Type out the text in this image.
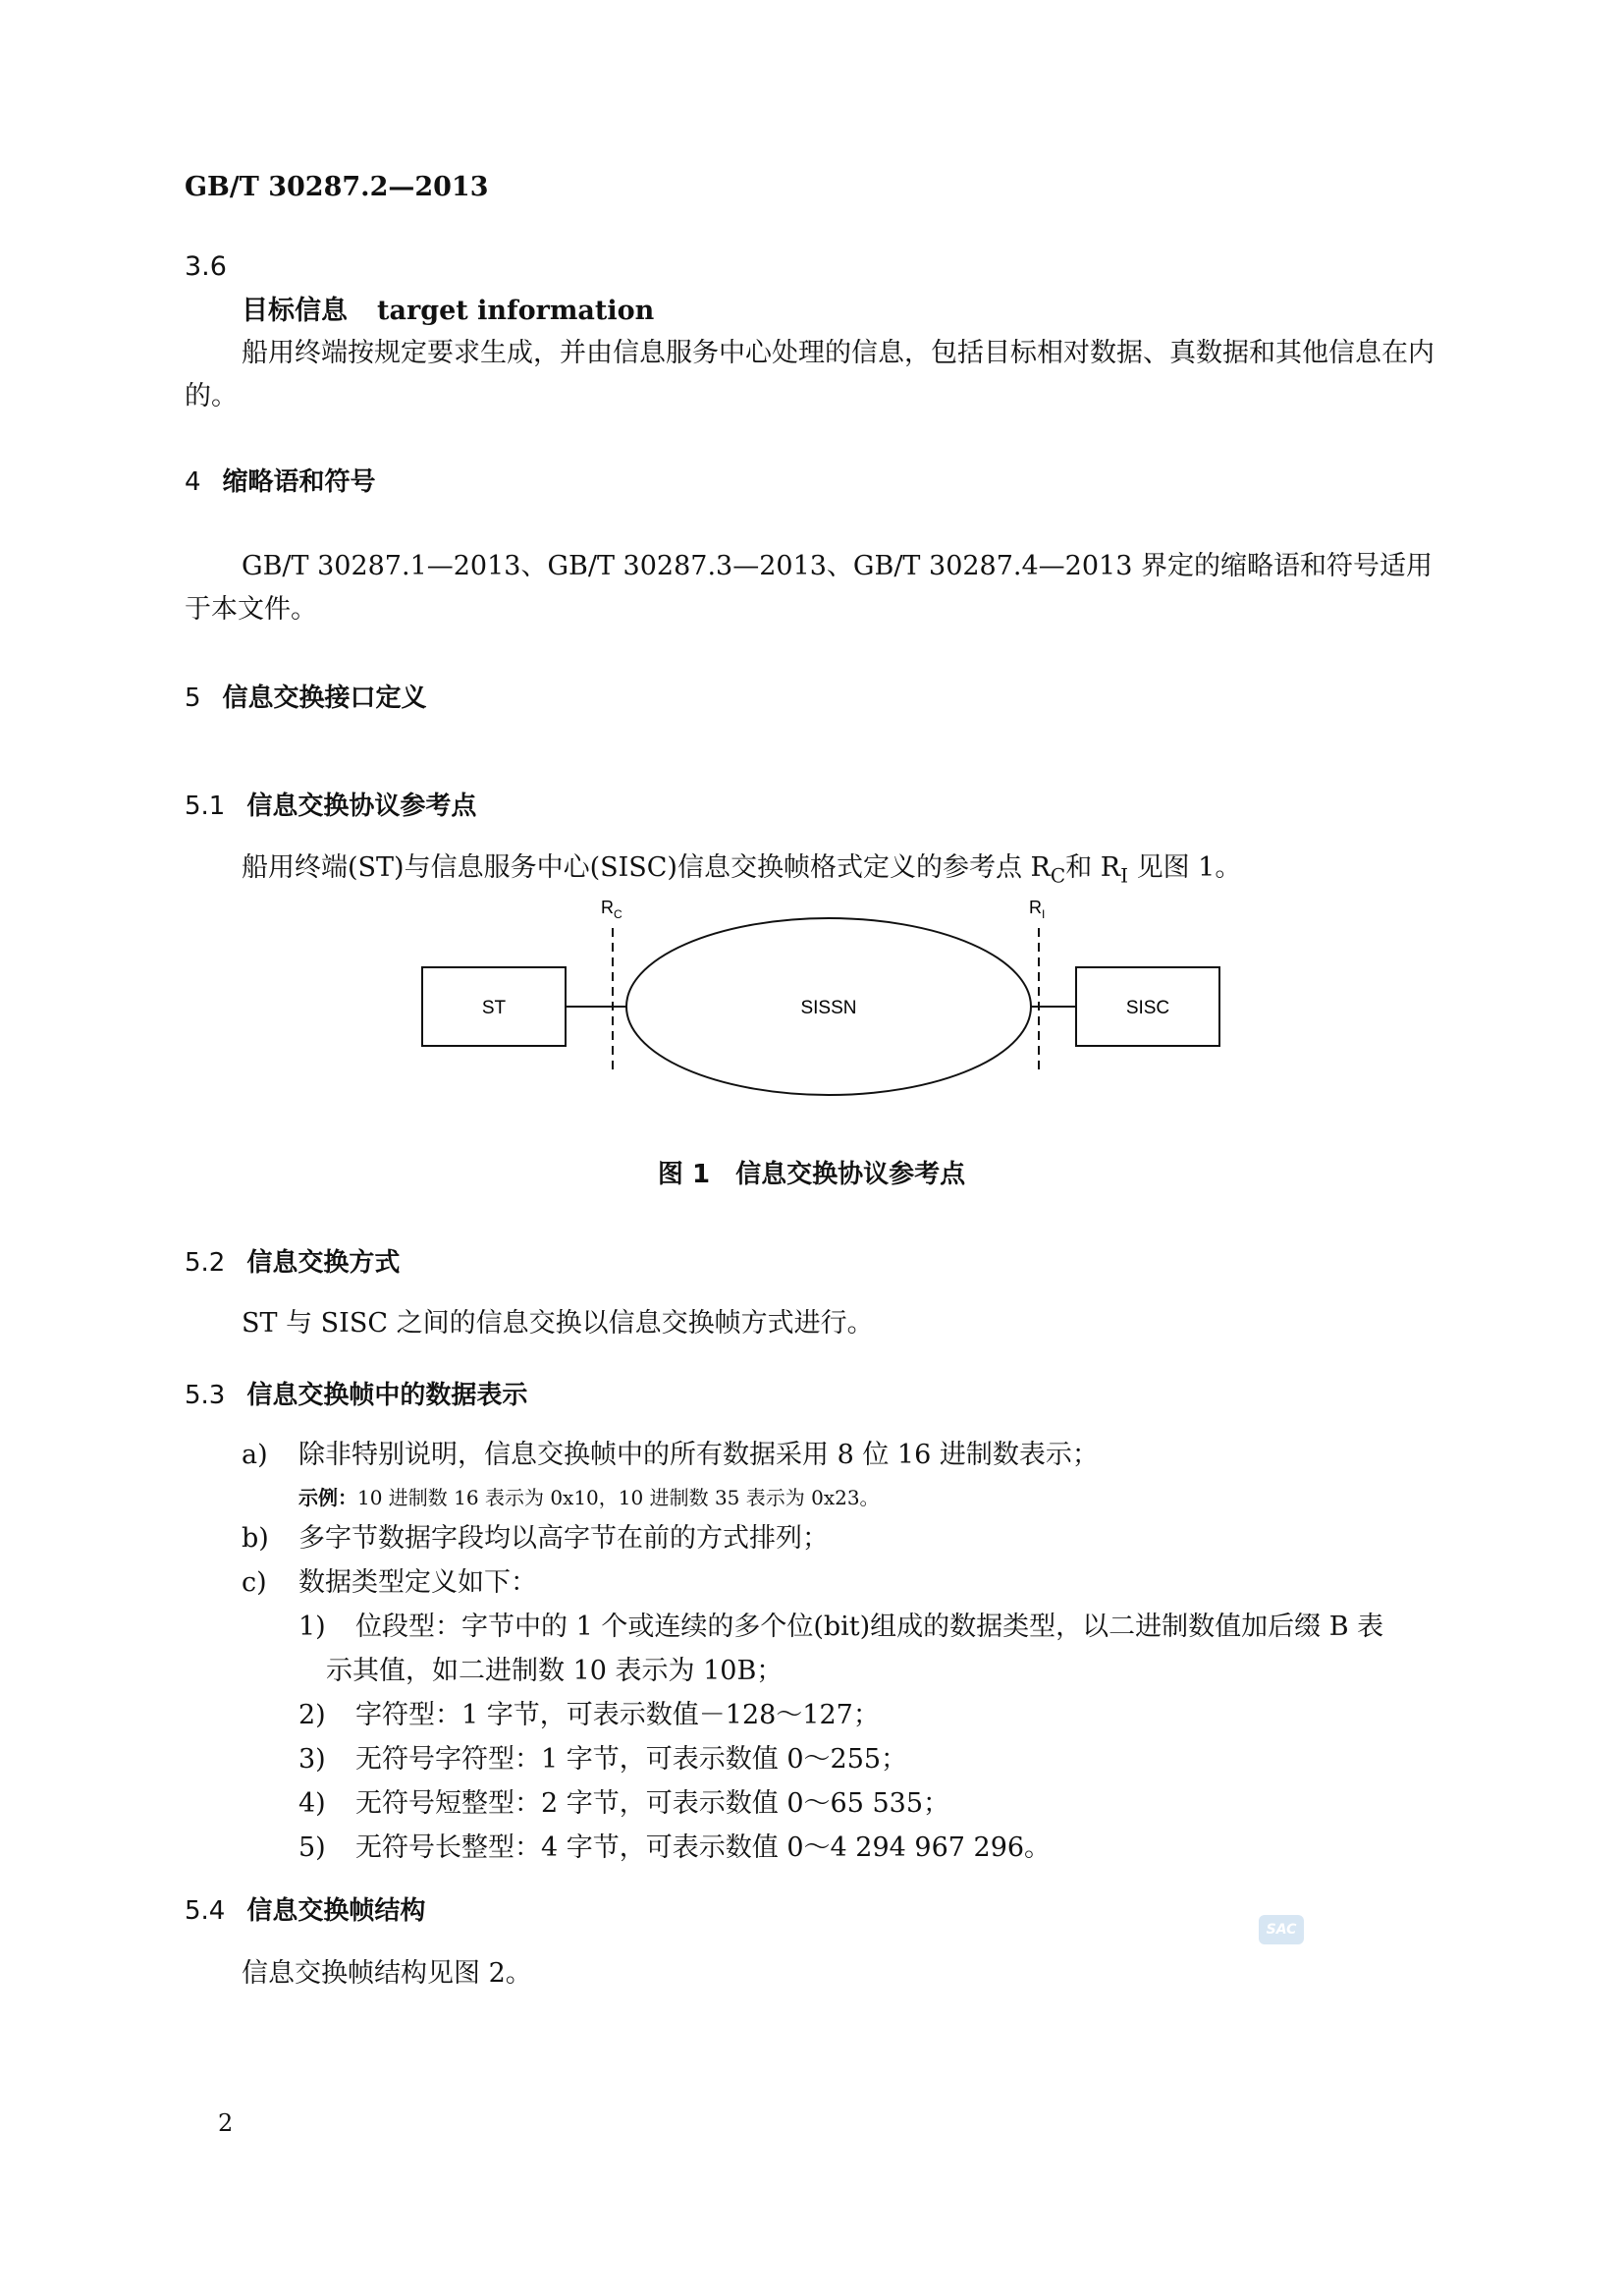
GB/T 30287.2—2013
3.6
目标信息 target information
船用终端按规定要求生成，并由信息服务中心处理的信息，包括目标相对数据、真数据和其他信息在内的。
4 缩略语和符号
GB/T 30287.1—2013、GB/T 30287.3—2013、GB/T 30287.4—2013 界定的缩略语和符号适用于本文件。
5 信息交换接口定义
5.1 信息交换协议参考点
船用终端(ST)与信息服务中心(SISC)信息交换帧格式定义的参考点 $R_C$和 $R_I$ 见图 1。
ST
$R_C$
SISSN
$R_I$
SISC
图 1　信息交换协议参考点
5.2 信息交换方式
ST 与 SISC 之间的信息交换以信息交换帧方式进行。
5.3 信息交换帧中的数据表示
a) 除非特别说明，信息交换帧中的所有数据采用 8 位 16 进制数表示；
示例：10 进制数 16 表示为 0x10，10 进制数 35 表示为 0x23。
b) 多字节数据字段均以高字节在前的方式排列；
c) 数据类型定义如下：
1) 位段型：字节中的 1 个或连续的多个位(bit)组成的数据类型，以二进制数值加后缀 B 表
示其值，如二进制数 10 表示为 10B；
2) 字符型：1 字节，可表示数值－128～127；
3) 无符号字符型：1 字节，可表示数值 0～255；
4) 无符号短整型：2 字节，可表示数值 0～65 535；
5) 无符号长整型：4 字节，可表示数值 0～4 294 967 296。
5.4 信息交换帧结构
信息交换帧结构见图 2。
SAC
2
